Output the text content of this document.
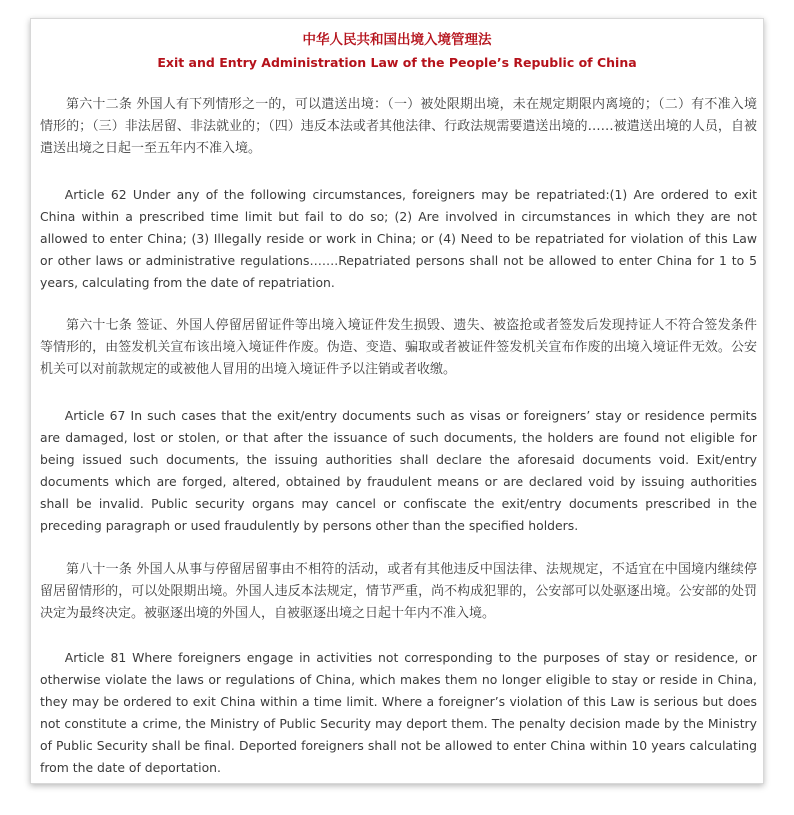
中华人民共和国出境入境管理法
Exit and Entry Administration Law of the People’s Republic of China

第六十二条 外国人有下列情形之一的，可以遣送出境：（一）被处限期出境，未在规定期限内离境的；（二）有不准入境情形的；（三）非法居留、非法就业的；（四）违反本法或者其他法律、行政法规需要遣送出境的……被遣送出境的人员，自被遣送出境之日起一至五年内不准入境。

Article 62 Under any of the following circumstances, foreigners may be repatriated:(1) Are ordered to exit China within a prescribed time limit but fail to do so; (2) Are involved in circumstances in which they are not allowed to enter China; (3) Illegally reside or work in China; or (4) Need to be repatriated for violation of this Law or other laws or administrative regulations…….Repatriated persons shall not be allowed to enter China for 1 to 5 years, calculating from the date of repatriation.

第六十七条 签证、外国人停留居留证件等出境入境证件发生损毁、遗失、被盗抢或者签发后发现持证人不符合签发条件等情形的，由签发机关宣布该出境入境证件作废。伪造、变造、骗取或者被证件签发机关宣布作废的出境入境证件无效。公安机关可以对前款规定的或被他人冒用的出境入境证件予以注销或者收缴。

Article 67 In such cases that the exit/entry documents such as visas or foreigners’ stay or residence permits are damaged, lost or stolen, or that after the issuance of such documents, the holders are found not eligible for being issued such documents, the issuing authorities shall declare the aforesaid documents void. Exit/entry documents which are forged, altered, obtained by fraudulent means or are declared void by issuing authorities shall be invalid. Public security organs may cancel or confiscate the exit/entry documents prescribed in the preceding paragraph or used fraudulently by persons other than the specified holders.

第八十一条 外国人从事与停留居留事由不相符的活动，或者有其他违反中国法律、法规规定，不适宜在中国境内继续停留居留情形的，可以处限期出境。外国人违反本法规定，情节严重，尚不构成犯罪的，公安部可以处驱逐出境。公安部的处罚决定为最终决定。被驱逐出境的外国人，自被驱逐出境之日起十年内不准入境。

Article 81 Where foreigners engage in activities not corresponding to the purposes of stay or residence, or otherwise violate the laws or regulations of China, which makes them no longer eligible to stay or reside in China, they may be ordered to exit China within a time limit. Where a foreigner’s violation of this Law is serious but does not constitute a crime, the Ministry of Public Security may deport them. The penalty decision made by the Ministry of Public Security shall be final. Deported foreigners shall not be allowed to enter China within 10 years calculating from the date of deportation.
